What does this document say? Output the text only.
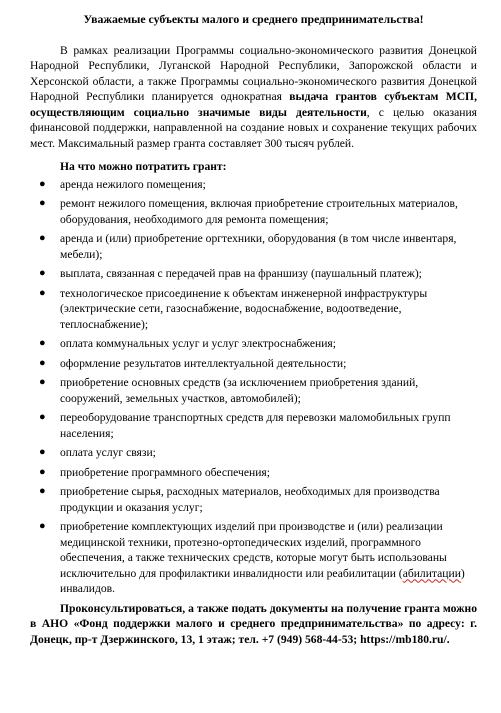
Уважаемые субъекты малого и среднего предпринимательства!

В рамках реализации Программы социально-экономического развития Донецкой Народной Республики, Луганской Народной Республики, Запорожской области и Херсонской области, а также Программы социально-экономического развития Донецкой Народной Республики планируется однократная выдача грантов субъектам МСП, осуществляющим социально значимые виды деятельности, с целью оказания финансовой поддержки, направленной на создание новых и сохранение текущих рабочих мест. Максимальный размер гранта составляет 300 тысяч рублей.

На что можно потратить грант:
● аренда нежилого помещения;
● ремонт нежилого помещения, включая приобретение строительных материалов, оборудования, необходимого для ремонта помещения;
● аренда и (или) приобретение оргтехники, оборудования (в том числе инвентаря, мебели);
● выплата, связанная с передачей прав на франшизу (паушальный платеж);
● технологическое присоединение к объектам инженерной инфраструктуры (электрические сети, газоснабжение, водоснабжение, водоотведение, теплоснабжение);
● оплата коммунальных услуг и услуг электроснабжения;
● оформление результатов интеллектуальной деятельности;
● приобретение основных средств (за исключением приобретения зданий, сооружений, земельных участков, автомобилей);
● переоборудование транспортных средств для перевозки маломобильных групп населения;
● оплата услуг связи;
● приобретение программного обеспечения;
● приобретение сырья, расходных материалов, необходимых для производства продукции и оказания услуг;
● приобретение комплектующих изделий при производстве и (или) реализации медицинской техники, протезно-ортопедических изделий, программного обеспечения, а также технических средств, которые могут быть использованы исключительно для профилактики инвалидности или реабилитации (абилитации) инвалидов.

Проконсультироваться, а также подать документы на получение гранта можно в АНО «Фонд поддержки малого и среднего предпринимательства» по адресу: г. Донецк, пр-т Дзержинского, 13, 1 этаж; тел. +7 (949) 568-44-53; https://mb180.ru/.
